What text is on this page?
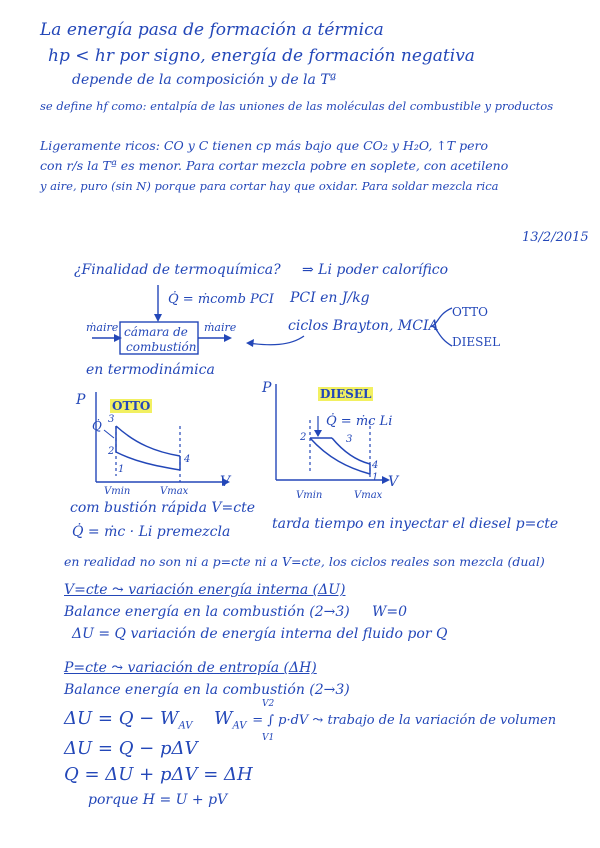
La energía pasa de formación a térmica
hp < hr por signo, energía de formación negativa
depende de la composición y de la Tª
se define hf como: entalpía de las uniones de las moléculas del combustible y productos
Ligeramente ricos: CO y C tienen cp más bajo que CO₂ y H₂O, ↑T pero
con r/s la Tª es menor. Para cortar mezcla pobre en soplete, con acetileno
y aire, puro (sin N) porque para cortar hay que oxidar. Para soldar mezcla rica
13/2/2015
¿Finalidad de termoquímica? ⇒ Li poder calorífico
PCI en J/kg
Q̇ = ṁcomb PCI
ṁaire	ṁaire
cámara de
combustión
ciclos Brayton, MCIA
OTTO
DIESEL
en termodinámica
OTTO
P
V
Q̇ 3
2
1
4
Vmin	Vmax
DIESEL
P
V
Q̇ = ṁc Li
2	3
4
1
Vmin	Vmax
com bustión rápida V=cte
Q̇ = ṁc · Li premezcla	tarda tiempo en inyectar el diesel p=cte
en realidad no son ni a p=cte ni a V=cte, los ciclos reales son mezcla (dual)
V=cte ⤳ variación energía interna (ΔU)
Balance energía en la combustión (2→3) W=0
ΔU = Q variación de energía interna del fluido por Q
P=cte ⤳ variación de entropía (ΔH)
Balance energía en la combustión (2→3)
$\Delta U = Q - W_{AV}$ $W_{AV}$ = ∫ p·dV ⤳ trabajo de la variación de volumen
V2
V1
ΔU = Q − pΔV
Q = ΔU + pΔV = ΔH
porque H = U + pV
